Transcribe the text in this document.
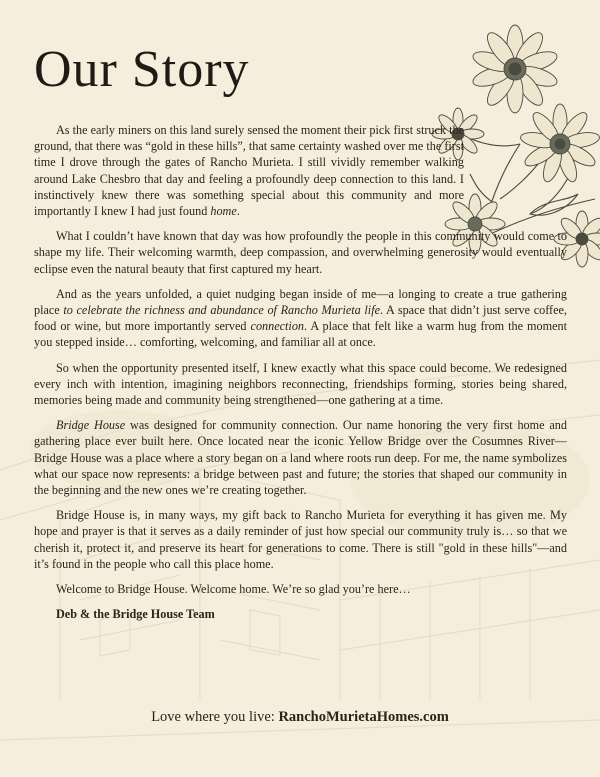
Our Story

As the early miners on this land surely sensed the moment their pick first struck the ground, that there was “gold in these hills”, that same certainty washed over me the first time I drove through the gates of Rancho Murieta. I still vividly remember walking around Lake Chesbro that day and feeling a profoundly deep connection to this land. I instinctively knew there was something special about this community and more importantly I knew I had just found home.

What I couldn’t have known that day was how profoundly the people in this community would come to shape my life. Their welcoming warmth, deep compassion, and overwhelming generosity would eventually eclipse even the natural beauty that first captured my heart.

And as the years unfolded, a quiet nudging began inside of me—a longing to create a true gathering place to celebrate the richness and abundance of Rancho Murieta life. A space that didn’t just serve coffee, food or wine, but more importantly served connection. A place that felt like a warm hug from the moment you stepped inside… comforting, welcoming, and familiar all at once.

So when the opportunity presented itself, I knew exactly what this space could become. We redesigned every inch with intention, imagining neighbors reconnecting, friendships forming, stories being shared, memories being made and community being strengthened—one gathering at a time.

Bridge House was designed for community connection. Our name honoring the very first home and gathering place ever built here. Once located near the iconic Yellow Bridge over the Cosumnes River—Bridge House was a place where a story began on a land where roots run deep. For me, the name symbolizes what our space now represents: a bridge between past and future; the stories that shaped our community in the beginning and the new ones we’re creating together.

Bridge House is, in many ways, my gift back to Rancho Murieta for everything it has given me. My hope and prayer is that it serves as a daily reminder of just how special our community truly is… so that we cherish it, protect it, and preserve its heart for generations to come. There is still "gold in these hills"—and it’s found in the people who call this place home.

Welcome to Bridge House. Welcome home. We’re so glad you’re here…

Deb & the Bridge House Team

Love where you live: RanchoMurietaHomes.com
